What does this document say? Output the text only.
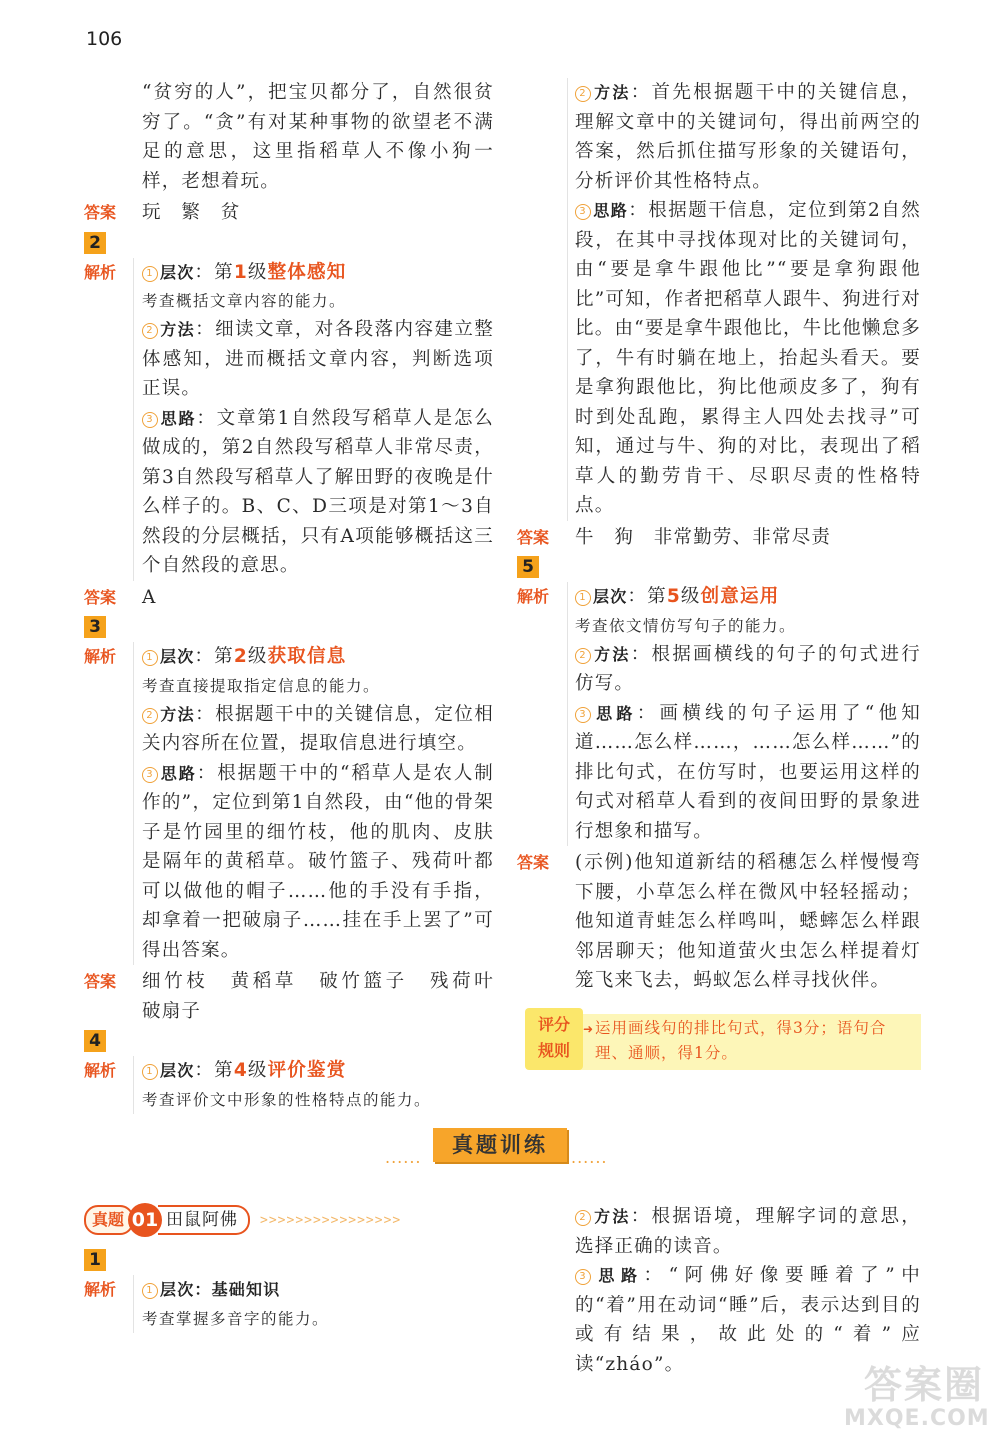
106
“贫穷的人”，把宝贝都分了，自然很贫穷了。“贪”有对某种事物的欲望老不满足的意思，这里指稻草人不像小狗一样，老想着玩。
答案	玩　繁　贫
2
解析	1 层次：第1级整体感知
考查概括文章内容的能力。
2 方法：细读文章，对各段落内容建立整体感知，进而概括文章内容，判断选项正误。
3 思路：文章第1自然段写稻草人是怎么做成的，第2自然段写稻草人非常尽责，第3自然段写稻草人了解田野的夜晚是什么样子的。B、C、D三项是对第1～3自然段的分层概括，只有A项能够概括这三个自然段的意思。
答案	A
3
解析	1 层次：第2级获取信息
考查直接提取指定信息的能力。
2 方法：根据题干中的关键信息，定位相关内容所在位置，提取信息进行填空。
3 思路：根据题干中的“稻草人是农人制作的”，定位到第1自然段，由“他的骨架子是竹园里的细竹枝，他的肌肉、皮肤是隔年的黄稻草。破竹篮子、残荷叶都可以做他的帽子……他的手没有手指，却拿着一把破扇子……挂在手上罢了”可得出答案。
答案	细竹枝　黄稻草　破竹篮子　残荷叶　破扇子
4
解析	1 层次：第4级评价鉴赏
考查评价文中形象的性格特点的能力。
2 方法：首先根据题干中的关键信息，理解文章中的关键词句，得出前两空的答案，然后抓住描写形象的关键语句，分析评价其性格特点。
3 思路：根据题干信息，定位到第2自然段，在其中寻找体现对比的关键词句，由“要是拿牛跟他比”“要是拿狗跟他比”可知，作者把稻草人跟牛、狗进行对比。由“要是拿牛跟他比，牛比他懒怠多了，牛有时躺在地上，抬起头看天。要是拿狗跟他比，狗比他顽皮多了，狗有时到处乱跑，累得主人四处去找寻”可知，通过与牛、狗的对比，表现出了稻草人的勤劳肯干、尽职尽责的性格特点。
答案	牛　狗　非常勤劳、非常尽责
5
解析	1 层次：第5级创意运用
考查依文情仿写句子的能力。
2 方法：根据画横线的句子的句式进行仿写。
3 思路：画横线的句子运用了“他知道……怎么样……，……怎么样……”的排比句式，在仿写时，也要运用这样的句式对稻草人看到的夜间田野的景象进行想象和描写。
答案	(示例)他知道新结的稻穗怎么样慢慢弯下腰，小草怎么样在微风中轻轻摇动；他知道青蛙怎么样鸣叫，蟋蟀怎么样跟邻居聊天；他知道萤火虫怎么样提着灯笼飞来飞去，蚂蚁怎么样寻找伙伴。
评分
规则
➜ 运用画线句的排比句式，得3分；语句合理、通顺，得1分。
......
真题训练
......
真题 01 田鼠阿佛	>>>>>>>>>>>>>>>>
1
解析	1 层次：基础知识
考查掌握多音字的能力。
2 方法：根据语境，理解字词的意思，选择正确的读音。
3 思路：“阿佛好像要睡着了”中的“着”用在动词“睡”后，表示达到目的或有结果，故此处的“着”应读“zháo”。	答案圈
MXQE.COM
